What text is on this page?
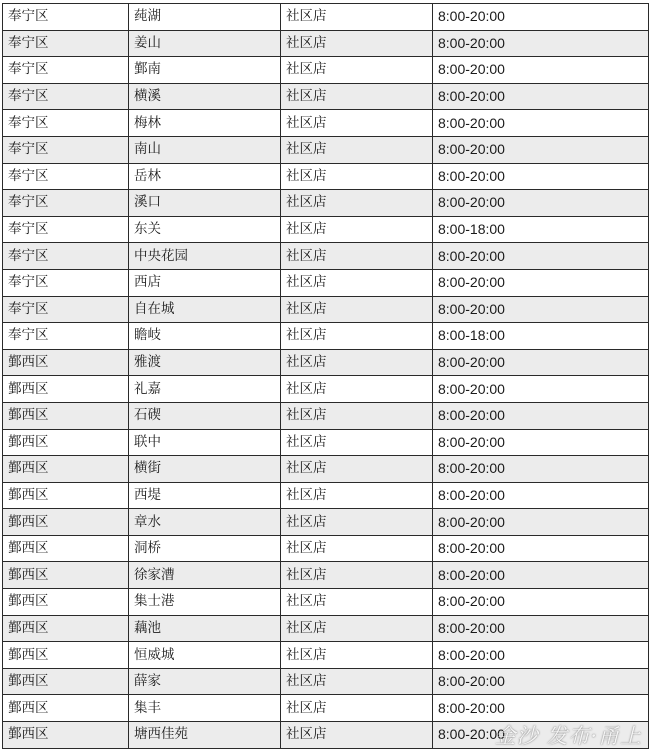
奉宁区	莼湖	社区店	8:00-20:00
奉宁区	姜山	社区店	8:00-20:00
奉宁区	鄞南	社区店	8:00-20:00
奉宁区	横溪	社区店	8:00-20:00
奉宁区	梅林	社区店	8:00-20:00
奉宁区	南山	社区店	8:00-20:00
奉宁区	岳林	社区店	8:00-20:00
奉宁区	溪口	社区店	8:00-20:00
奉宁区	东关	社区店	8:00-18:00
奉宁区	中央花园	社区店	8:00-20:00
奉宁区	西店	社区店	8:00-20:00
奉宁区	自在城	社区店	8:00-20:00
奉宁区	瞻岐	社区店	8:00-18:00
鄞西区	雅渡	社区店	8:00-20:00
鄞西区	礼嘉	社区店	8:00-20:00
鄞西区	石碶	社区店	8:00-20:00
鄞西区	联中	社区店	8:00-20:00
鄞西区	横街	社区店	8:00-20:00
鄞西区	西堤	社区店	8:00-20:00
鄞西区	章水	社区店	8:00-20:00
鄞西区	洞桥	社区店	8:00-20:00
鄞西区	徐家漕	社区店	8:00-20:00
鄞西区	集士港	社区店	8:00-20:00
鄞西区	藕池	社区店	8:00-20:00
鄞西区	恒威城	社区店	8:00-20:00
鄞西区	薛家	社区店	8:00-20:00
鄞西区	集丰	社区店	8:00-20:00
鄞西区	塘西佳苑	社区店	8:00-20:00
金沙 发布·甬上
